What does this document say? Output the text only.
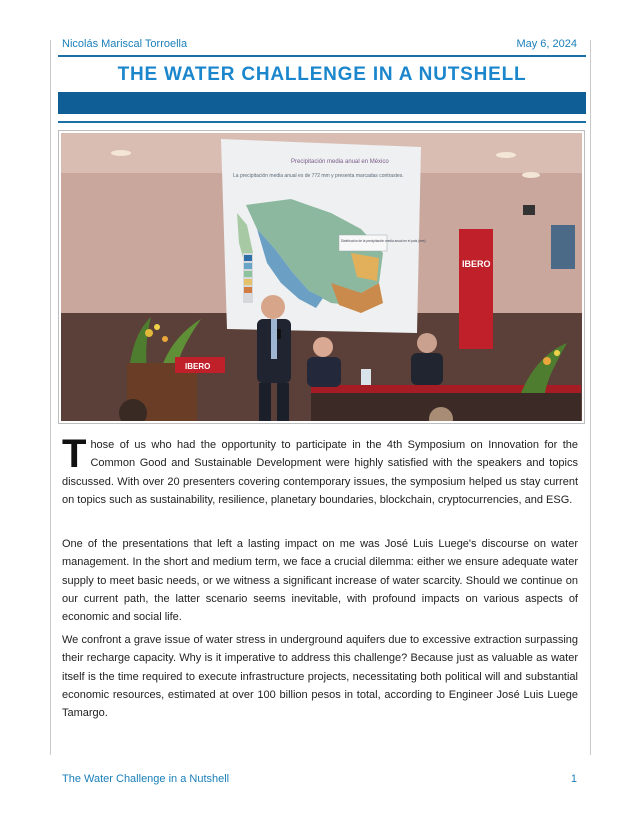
Nicolás Mariscal Torroella	May 6, 2024
THE WATER CHALLENGE IN A NUTSHELL
Precipitación media anual en México
La precipitación media anual es de 772 mm y presenta marcadas contrastes.
Distribución de la precipitación media anual en el país (mm)
IBERO
IBERO
Those of us who had the opportunity to participate in the 4th Symposium on Innovation for the Common Good and Sustainable Development were highly satisfied with the speakers and topics discussed. With over 20 presenters covering contemporary issues, the symposium helped us stay current on topics such as sustainability, resilience, planetary boundaries, blockchain, cryptocurrencies, and ESG.
One of the presentations that left a lasting impact on me was José Luis Luege's discourse on water management. In the short and medium term, we face a crucial dilemma: either we ensure adequate water supply to meet basic needs, or we witness a significant increase of water scarcity. Should we continue on our current path, the latter scenario seems inevitable, with profound impacts on various aspects of economic and social life.
We confront a grave issue of water stress in underground aquifers due to excessive extraction surpassing their recharge capacity. Why is it imperative to address this challenge? Because just as valuable as water itself is the time required to execute infrastructure projects, necessitating both political will and substantial economic resources, estimated at over 100 billion pesos in total, according to Engineer José Luis Luege Tamargo.
The Water Challenge in a Nutshell	1
